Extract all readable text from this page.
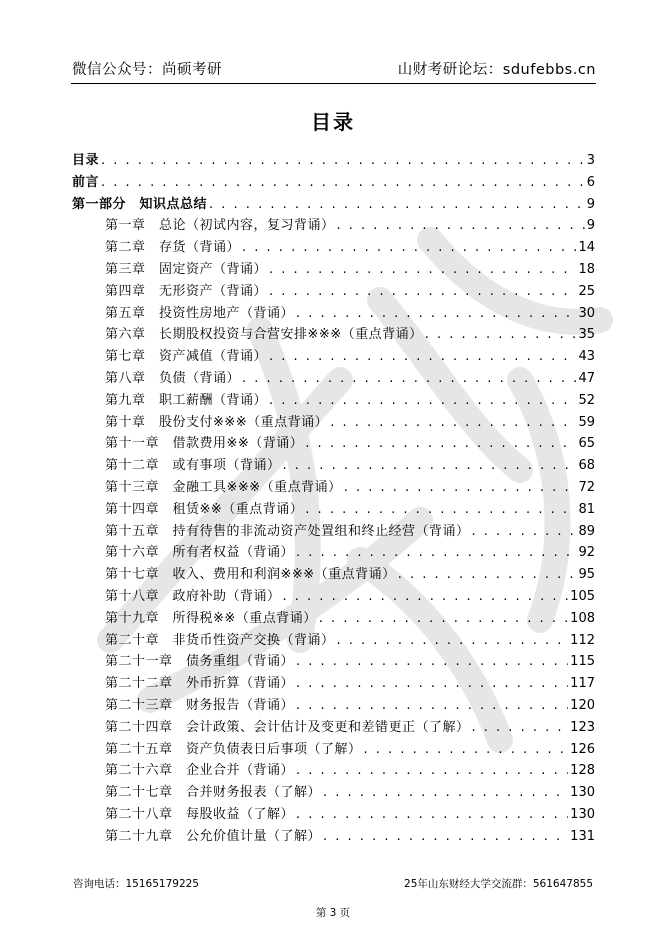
微信公众号：尚硕考研	山财考研论坛：sdufebbs.cn
目录
目录 . . .	3
前言 . . .	6
第一部分　知识点总结 . . .	9
第一章　总论（初试内容，复习背诵） . . .	9
第二章　存货（背诵） . . .	14
第三章　固定资产（背诵） . . .	18
第四章　无形资产（背诵） . . .	25
第五章　投资性房地产（背诵） . . .	30
第六章　长期股权投资与合营安排※※※（重点背诵） . . .	35
第七章　资产减值（背诵） . . .	43
第八章　负债（背诵） . . .	47
第九章　职工薪酬（背诵） . . .	52
第十章　股份支付※※※（重点背诵） . . .	59
第十一章　借款费用※※（背诵） . . .	65
第十二章　或有事项（背诵） . . .	68
第十三章　金融工具※※※（重点背诵） . . .	72
第十四章　租赁※※（重点背诵） . . .	81
第十五章　持有待售的非流动资产处置组和终止经营（背诵） . . .	89
第十六章　所有者权益（背诵） . . .	92
第十七章　收入、费用和利润※※※（重点背诵） . . .	95
第十八章　政府补助（背诵） . . .	105
第十九章　所得税※※（重点背诵） . . .	108
第二十章　非货币性资产交换（背诵） . . .	112
第二十一章　债务重组（背诵） . . .	115
第二十二章　外币折算（背诵） . . .	117
第二十三章　财务报告（背诵） . . .	120
第二十四章　会计政策、会计估计及变更和差错更正（了解） . . .	123
第二十五章　资产负债表日后事项（了解） . . .	126
第二十六章　企业合并（背诵） . . .	128
第二十七章　合并财务报表（了解） . . .	130
第二十八章　每股收益（了解） . . .	130
第二十九章　公允价值计量（了解） . . .	131
咨询电话：15165179225	25年山东财经大学交流群：561647855
第 3 页
